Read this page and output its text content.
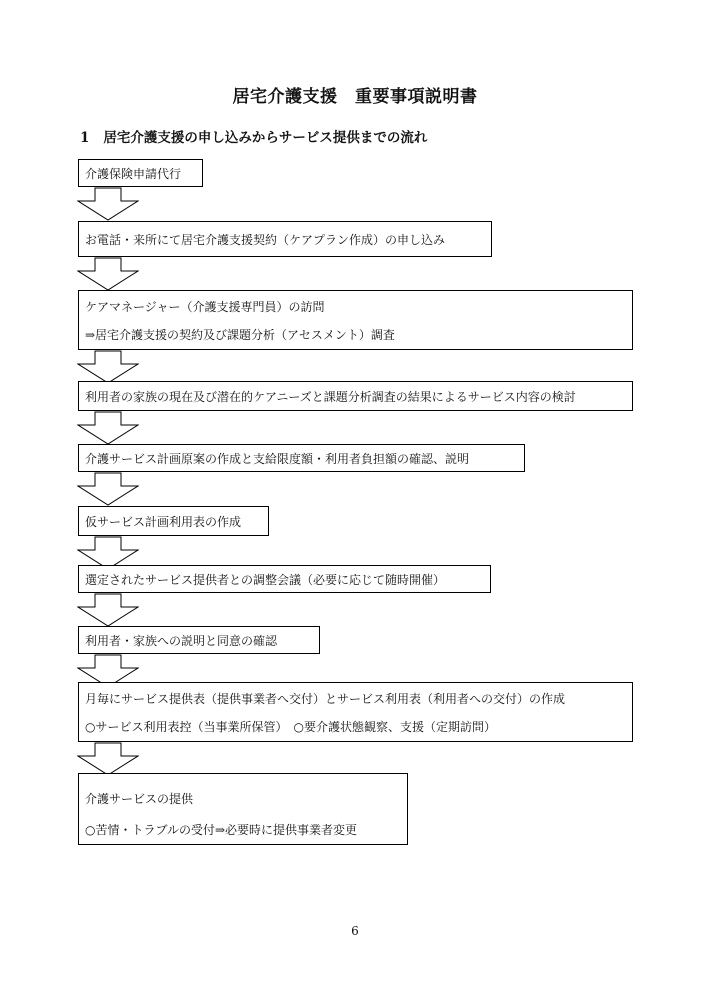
居宅介護支援　重要事項説明書
1 居宅介護支援の申し込みからサービス提供までの流れ
介護保険申請代行
お電話・来所にて居宅介護支援契約（ケアプラン作成）の申し込み
ケアマネージャー（介護支援専門員）の訪問
⇒居宅介護支援の契約及び課題分析（アセスメント）調査
利用者の家族の現在及び潜在的ケアニーズと課題分析調査の結果によるサービス内容の検討
介護サービス計画原案の作成と支給限度額・利用者負担額の確認、説明
仮サービス計画利用表の作成
選定されたサービス提供者との調整会議（必要に応じて随時開催）
利用者・家族への説明と同意の確認
月毎にサービス提供表（提供事業者へ交付）とサービス利用表（利用者への交付）の作成
○サービス利用表控（当事業所保管）　○要介護状態観察、支援（定期訪問）
介護サービスの提供
○苦情・トラブルの受付⇒必要時に提供事業者変更
6
